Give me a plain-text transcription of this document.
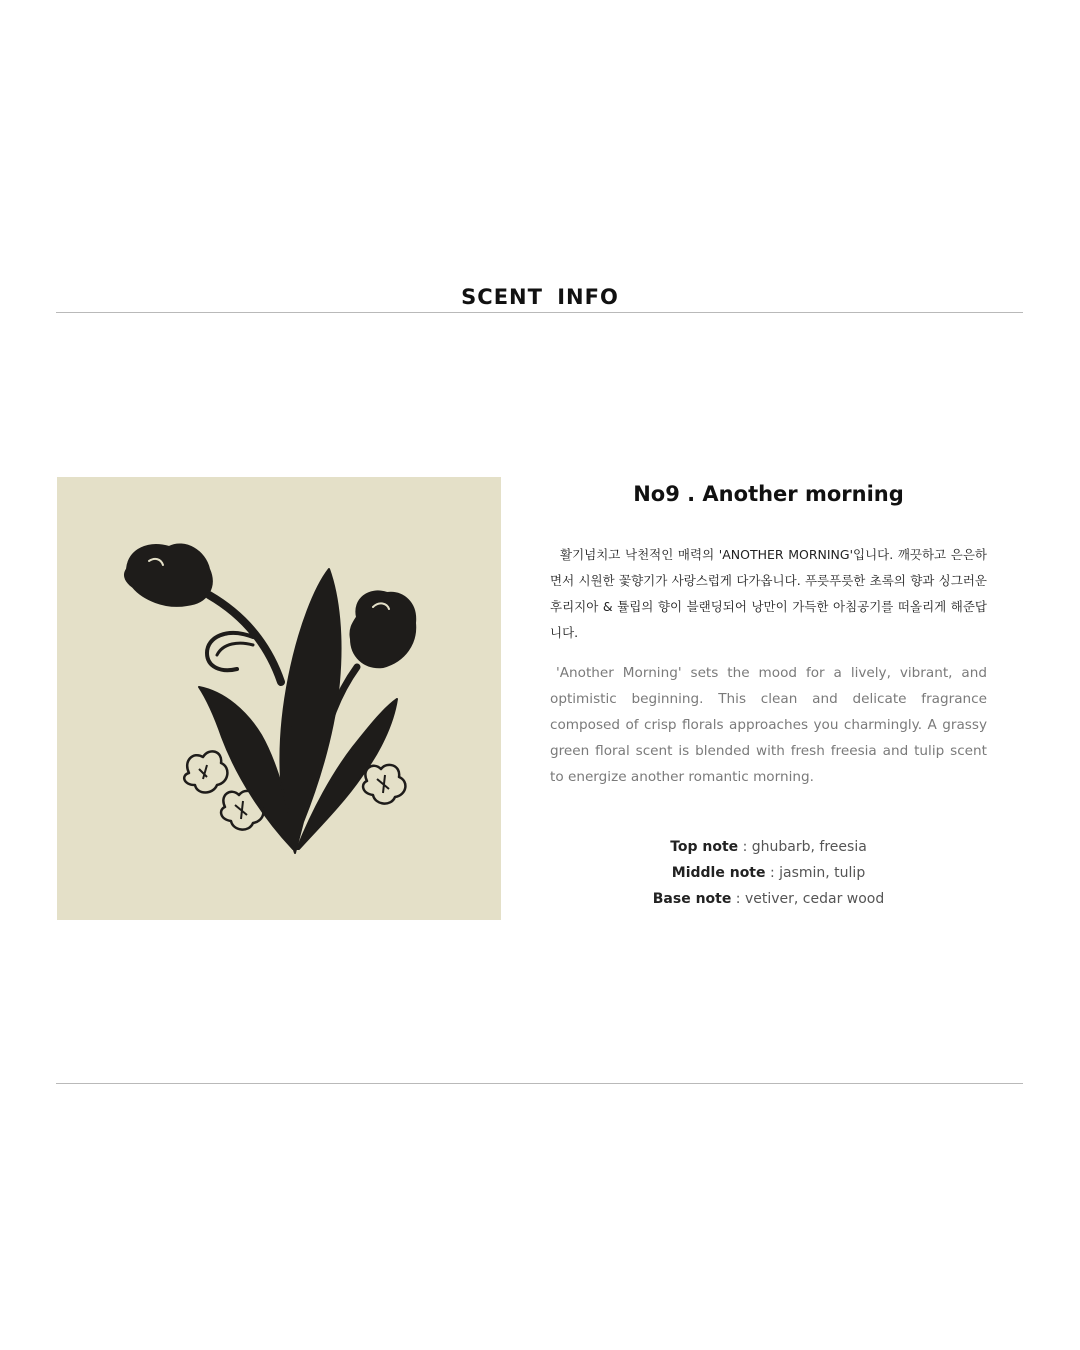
SCENT INFO
No9 . Another morning

활기넘치고 낙천적인 매력의 'ANOTHER MORNING'입니다. 깨끗하고 은은하면서 시원한 꽃향기가 사랑스럽게 다가옵니다. 푸릇푸릇한 초록의 향과 싱그러운 후리지아 & 튤립의 향이 블랜딩되어 낭만이 가득한 아침공기를 떠올리게 해준답니다.

'Another Morning' sets the mood for a lively, vibrant, and optimistic beginning. This clean and delicate fragrance composed of crisp florals approaches you charmingly. A grassy green floral scent is blended with fresh freesia and tulip scent to energize another romantic morning.

Top note : ghubarb, freesia
Middle note : jasmin, tulip
Base note : vetiver, cedar wood
